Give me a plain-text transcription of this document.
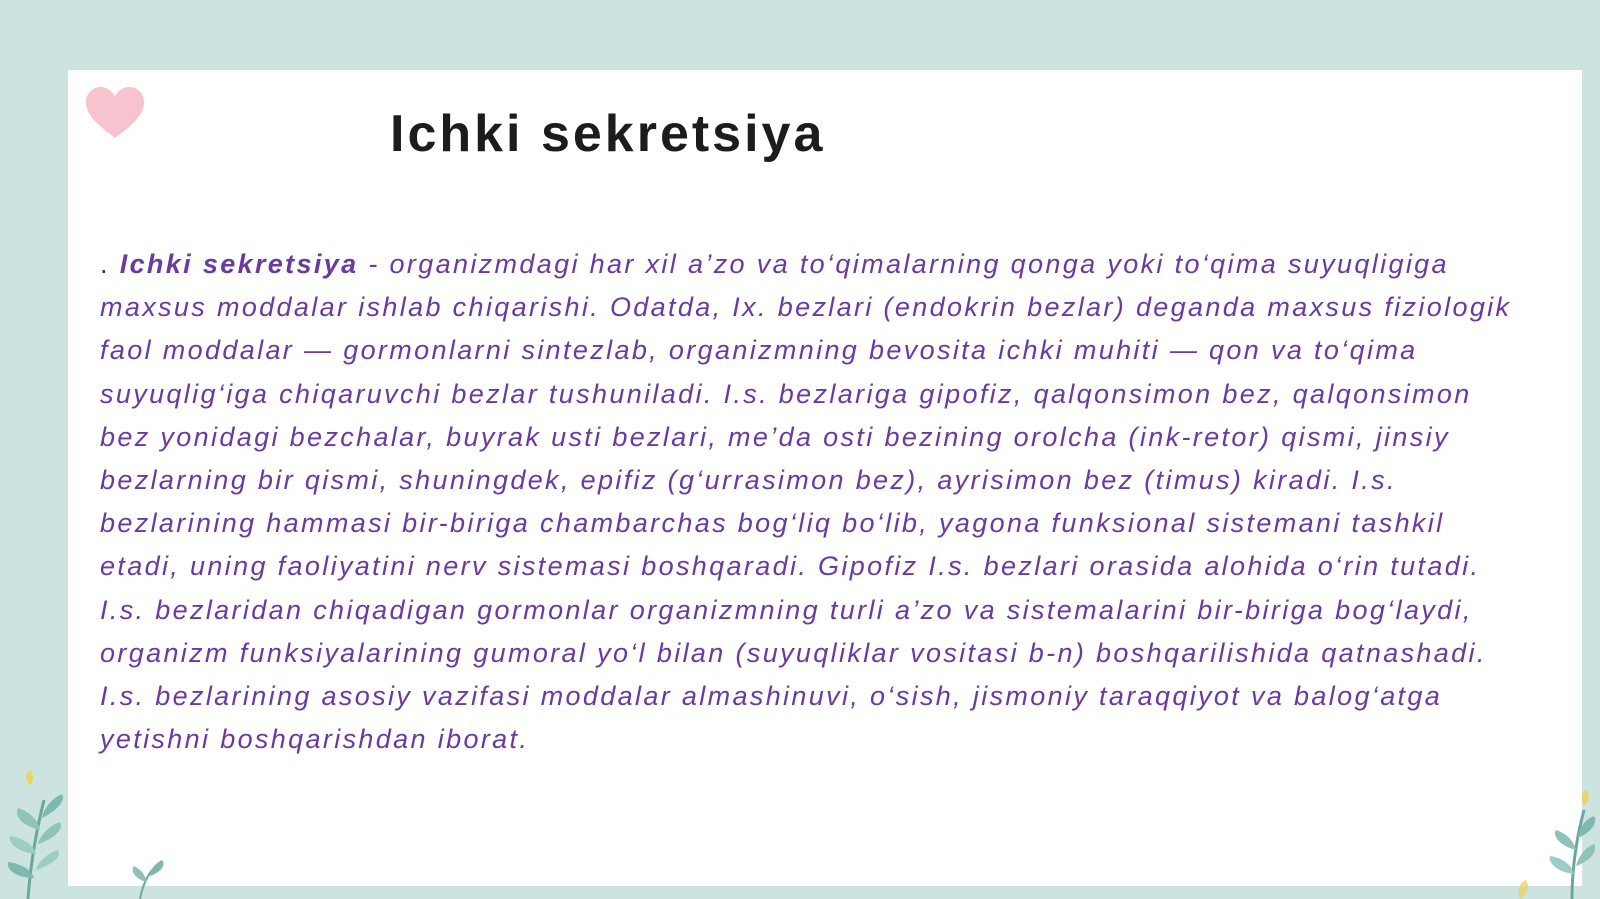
Ichki sekretsiya

. Ichki sekretsiya - organizmdagi har xil a’zo va to‘qimalarning qonga yoki to‘qima suyuqligiga maxsus moddalar ishlab chiqarishi. Odatda, Ix. bezlari (endokrin bezlar) deganda maxsus fiziologik faol moddalar — gormonlarni sintezlab, organizmning bevosita ichki muhiti — qon va to‘qima suyuqlig‘iga chiqaruvchi bezlar tushuniladi. I.s. bezlariga gipofiz, qalqonsimon bez, qalqonsimon bez yonidagi bezchalar, buyrak usti bezlari, me’da osti bezining orolcha (ink-retor) qismi, jinsiy bezlarning bir qismi, shuningdek, epifiz (g‘urrasimon bez), ayrisimon bez (timus) kiradi. I.s. bezlarining hammasi bir-biriga chambarchas bog‘liq bo‘lib, yagona funksional sistemani tashkil etadi, uning faoliyatini nerv sistemasi boshqaradi. Gipofiz I.s. bezlari orasida alohida o‘rin tutadi. I.s. bezlaridan chiqadigan gormonlar organizmning turli a’zo va sistemalarini bir-biriga bog‘laydi, organizm funksiyalarining gumoral yo‘l bilan (suyuqliklar vositasi b-n) boshqarilishida qatnashadi. I.s. bezlarining asosiy vazifasi moddalar almashinuvi, o‘sish, jismoniy taraqqiyot va balog‘atga yetishni boshqarishdan iborat.
